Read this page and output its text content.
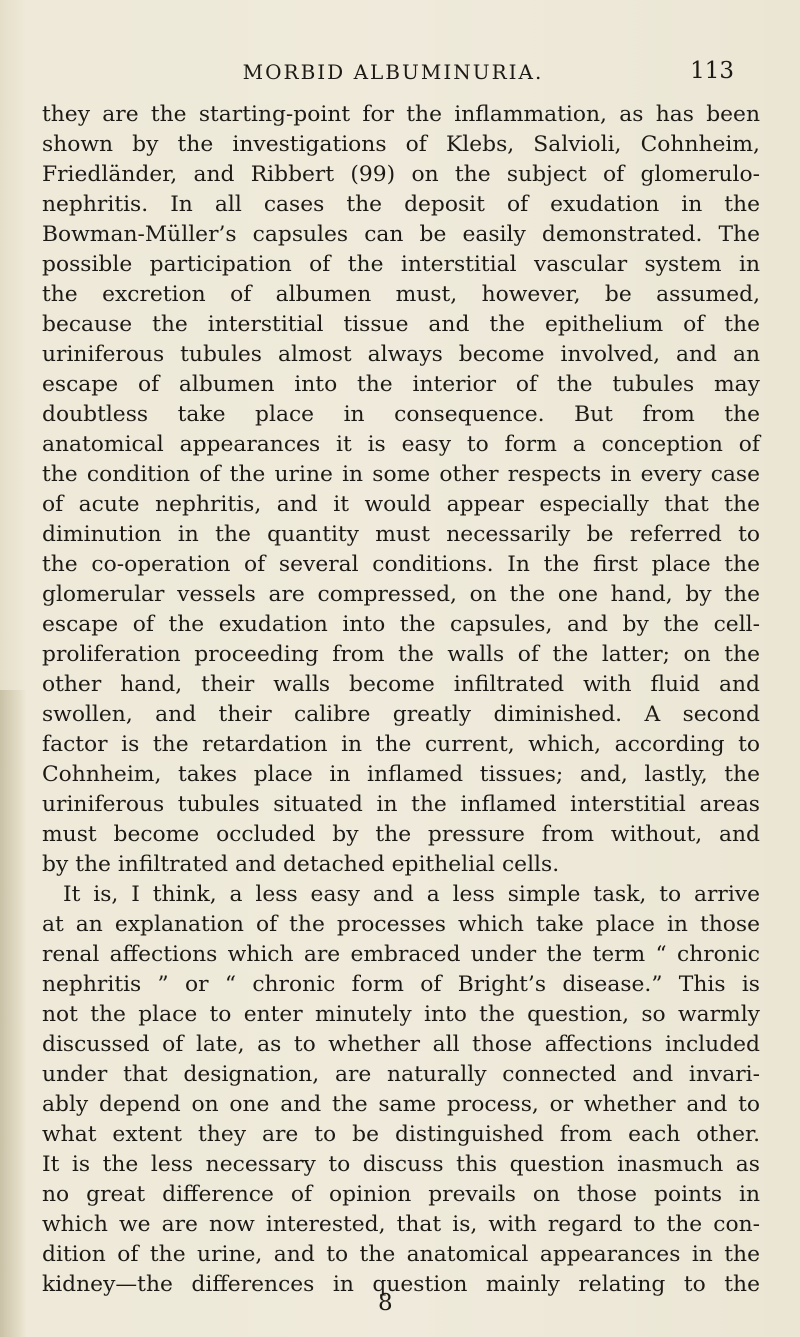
MORBID ALBUMINURIA.	113
they are the starting-point for the inflammation, as has been
shown by the investigations of Klebs, Salvioli, Cohnheim,
Friedländer, and Ribbert (99) on the subject of glomerulo-
nephritis. In all cases the deposit of exudation in the
Bowman-Müller’s capsules can be easily demonstrated. The
possible participation of the interstitial vascular system in
the excretion of albumen must, however, be assumed,
because the interstitial tissue and the epithelium of the
uriniferous tubules almost always become involved, and an
escape of albumen into the interior of the tubules may
doubtless take place in consequence. But from the
anatomical appearances it is easy to form a conception of
the condition of the urine in some other respects in every case
of acute nephritis, and it would appear especially that the
diminution in the quantity must necessarily be referred to
the co-operation of several conditions. In the first place the
glomerular vessels are compressed, on the one hand, by the
escape of the exudation into the capsules, and by the cell-
proliferation proceeding from the walls of the latter; on the
other hand, their walls become infiltrated with fluid and
swollen, and their calibre greatly diminished. A second
factor is the retardation in the current, which, according to
Cohnheim, takes place in inflamed tissues; and, lastly, the
uriniferous tubules situated in the inflamed interstitial areas
must become occluded by the pressure from without, and
by the infiltrated and detached epithelial cells.
It is, I think, a less easy and a less simple task, to arrive
at an explanation of the processes which take place in those
renal affections which are embraced under the term “ chronic
nephritis ” or “ chronic form of Bright’s disease.” This is
not the place to enter minutely into the question, so warmly
discussed of late, as to whether all those affections included
under that designation, are naturally connected and invari-
ably depend on one and the same process, or whether and to
what extent they are to be distinguished from each other.
It is the less necessary to discuss this question inasmuch as
no great difference of opinion prevails on those points in
which we are now interested, that is, with regard to the con-
dition of the urine, and to the anatomical appearances in the
kidney—the differences in question mainly relating to the
8
